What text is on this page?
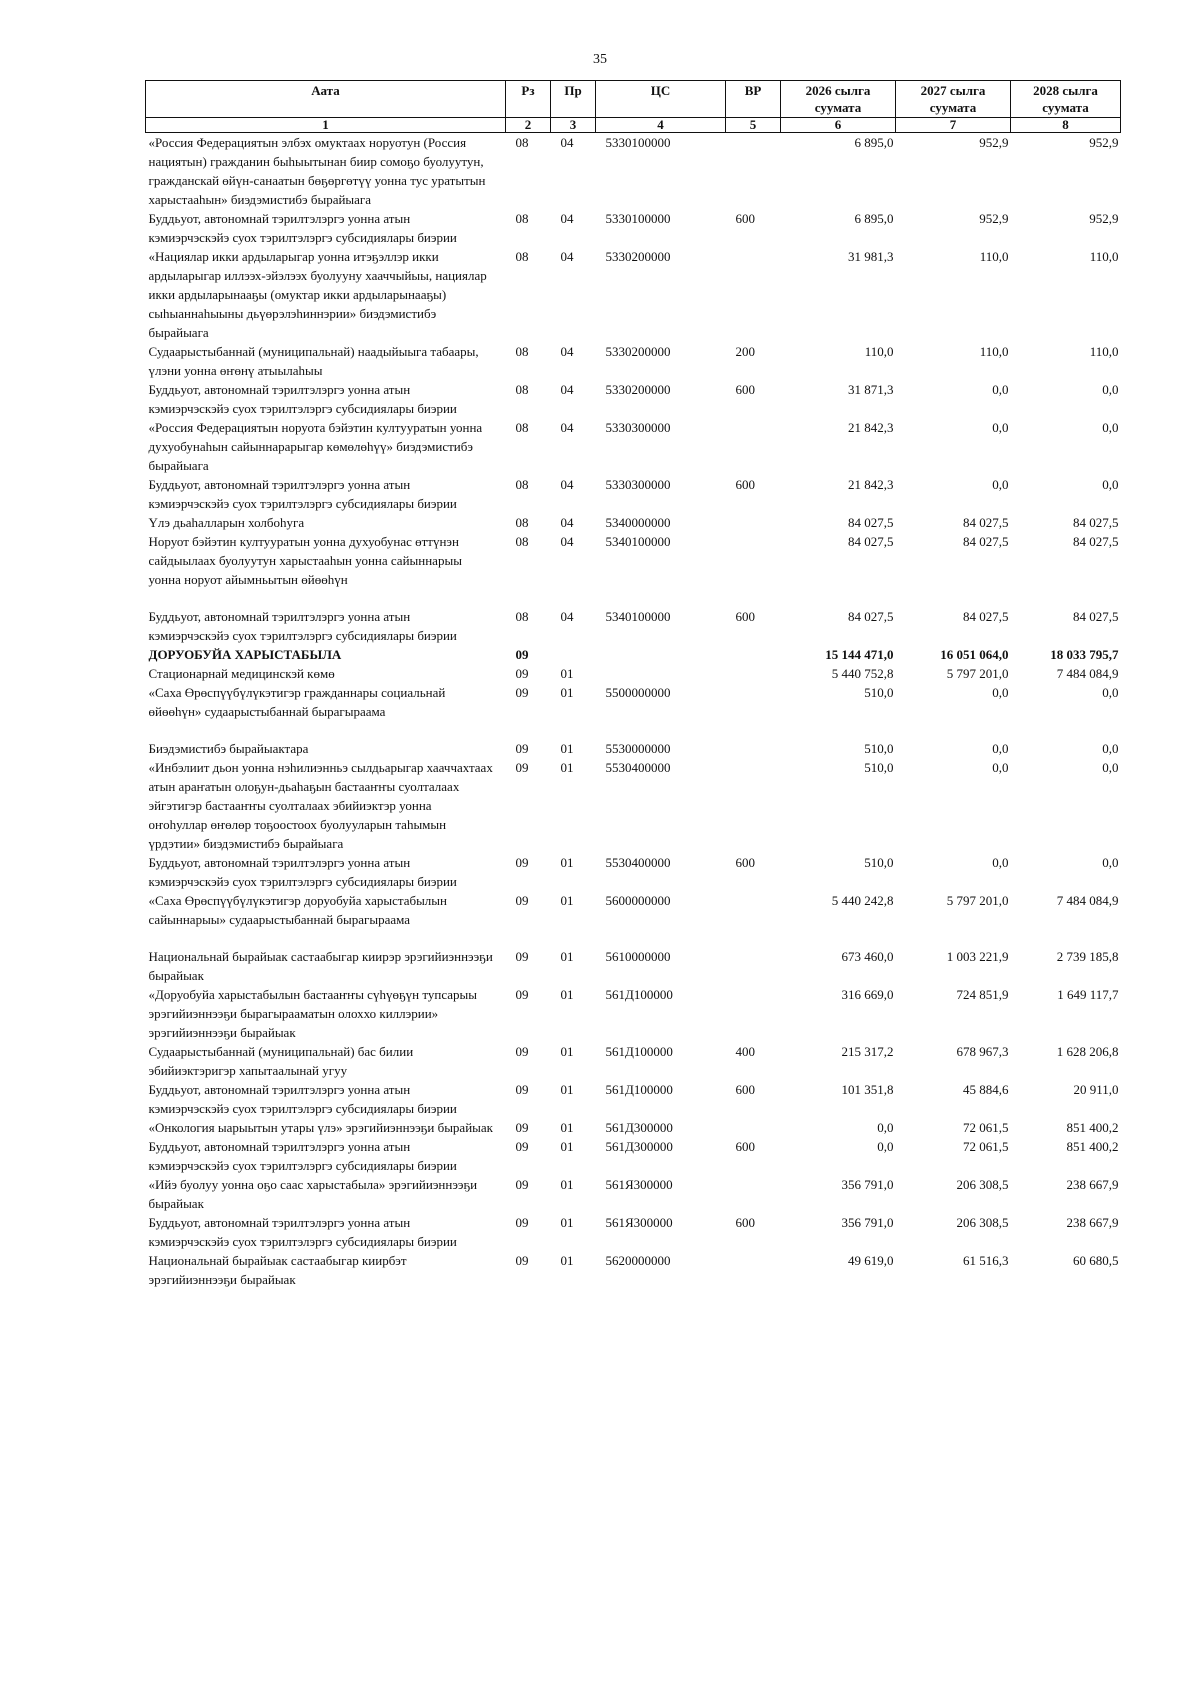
35
Аата	Рз	Пр	ЦС	ВР	2026 сылга суумата	2027 сылга суумата	2028 сылга суумата
1	2	3	4	5	6	7	8
«Россия Федерациятын элбэх омуктаах норуотун (Россия нациятын) гражданин быһыытынан биир сомоҕо буолуутун, гражданскай өйүн-санаатын бөҕөргөтүү уонна тус уратытын харыстааһын» биэдэмистибэ бырайыага	08	04	5330100000		6 895,0	952,9	952,9
Буддьуот, автономнай тэрилтэлэргэ уонна атын кэмиэрчэскэйэ суох тэрилтэлэргэ субсидиялары биэрии	08	04	5330100000	600	6 895,0	952,9	952,9
«Нациялар икки ардыларыгар уонна итэҕэллэр икки ардыларыгар иллээх-эйэлээх буолууну хааччыйыы, нациялар икки ардыларынааҕы (омуктар икки ардыларынааҕы) сыһыаннаһыыны дьүөрэлэһиннэрии» биэдэмистибэ бырайыага	08	04	5330200000		31 981,3	110,0	110,0
Судаарыстыбаннай (муниципальнай) наадыйыыга табаары, үлэни уонна өҥөнү атыылаһыы	08	04	5330200000	200	110,0	110,0	110,0
Буддьуот, автономнай тэрилтэлэргэ уонна атын кэмиэрчэскэйэ суох тэрилтэлэргэ субсидиялары биэрии	08	04	5330200000	600	31 871,3	0,0	0,0
«Россия Федерациятын норуота бэйэтин култууратын уонна духуобунаһын сайыннарарыгар көмөлөһүү» биэдэмистибэ бырайыага	08	04	5330300000		21 842,3	0,0	0,0
Буддьуот, автономнай тэрилтэлэргэ уонна атын кэмиэрчэскэйэ суох тэрилтэлэргэ субсидиялары биэрии	08	04	5330300000	600	21 842,3	0,0	0,0
Үлэ дьаһалларын холбоһуга	08	04	5340000000		84 027,5	84 027,5	84 027,5
Норуот бэйэтин култууратын уонна духуобунас өттүнэн сайдыылаах буолуутун харыстааһын уонна сайыннарыы уонна норуот айымньытын өйөөһүн	08	04	5340100000		84 027,5	84 027,5	84 027,5
Буддьуот, автономнай тэрилтэлэргэ уонна атын кэмиэрчэскэйэ суох тэрилтэлэргэ субсидиялары биэрии	08	04	5340100000	600	84 027,5	84 027,5	84 027,5
ДОРУОБУЙА ХАРЫСТАБЫЛА	09				15 144 471,0	16 051 064,0	18 033 795,7
Стационарнай медицинскэй көмө	09	01			5 440 752,8	5 797 201,0	7 484 084,9
«Саха Өрөспүүбүлүкэтигэр гражданнары социальнай өйөөһүн» судаарыстыбаннай бырагыраама	09	01	5500000000		510,0	0,0	0,0
Биэдэмистибэ бырайыактара	09	01	5530000000		510,0	0,0	0,0
«Инбэлиит дьон уонна нэһилиэнньэ сылдьарыгар хааччахтаах атын араҥатын олоҕун-дьаһаҕын бастааҥҥы суолталаах эйгэтигэр бастааҥҥы суолталаах эбийиэктэр уонна оҥоһуллар өҥөлөр тоҕоостоох буолууларын таһымын үрдэтии» биэдэмистибэ бырайыага	09	01	5530400000		510,0	0,0	0,0
Буддьуот, автономнай тэрилтэлэргэ уонна атын кэмиэрчэскэйэ суох тэрилтэлэргэ субсидиялары биэрии	09	01	5530400000	600	510,0	0,0	0,0
«Саха Өрөспүүбүлүкэтигэр доруобуйа харыстабылын сайыннарыы» судаарыстыбаннай бырагыраама	09	01	5600000000		5 440 242,8	5 797 201,0	7 484 084,9
Национальнай бырайыак састаабыгар киирэр эрэгийиэннээҕи бырайыак	09	01	5610000000		673 460,0	1 003 221,9	2 739 185,8
«Доруобуйа харыстабылын бастааҥҥы сүһүөҕүн тупсарыы эрэгийиэннээҕи бырагырааматын олоххо киллэрии» эрэгийиэннээҕи бырайыак	09	01	561Д100000		316 669,0	724 851,9	1 649 117,7
Судаарыстыбаннай (муниципальнай) бас билии эбийиэктэригэр хапытаалынай угуу	09	01	561Д100000	400	215 317,2	678 967,3	1 628 206,8
Буддьуот, автономнай тэрилтэлэргэ уонна атын кэмиэрчэскэйэ суох тэрилтэлэргэ субсидиялары биэрии	09	01	561Д100000	600	101 351,8	45 884,6	20 911,0
«Онкология ыарыытын утары үлэ» эрэгийиэннээҕи бырайыак	09	01	561Д300000		0,0	72 061,5	851 400,2
Буддьуот, автономнай тэрилтэлэргэ уонна атын кэмиэрчэскэйэ суох тэрилтэлэргэ субсидиялары биэрии	09	01	561Д300000	600	0,0	72 061,5	851 400,2
«Ийэ буолуу уонна оҕо саас харыстабыла» эрэгийиэннээҕи бырайыак	09	01	561Я300000		356 791,0	206 308,5	238 667,9
Буддьуот, автономнай тэрилтэлэргэ уонна атын кэмиэрчэскэйэ суох тэрилтэлэргэ субсидиялары биэрии	09	01	561Я300000	600	356 791,0	206 308,5	238 667,9
Национальнай бырайыак састаабыгар киирбэт эрэгийиэннээҕи бырайыак	09	01	5620000000		49 619,0	61 516,3	60 680,5
